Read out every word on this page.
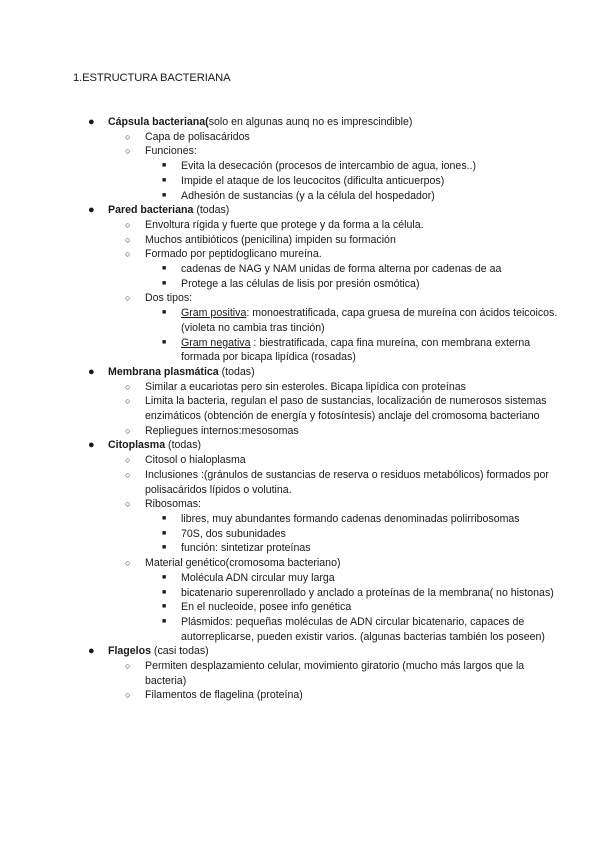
1.ESTRUCTURA BACTERIANA
● Cápsula bacteriana(solo en algunas aunq no es imprescindible)
○ Capa de polisacáridos
○ Funciones:
■ Evita la desecación (procesos de intercambio de agua, iones..)
■ Impide el ataque de los leucocitos (dificulta anticuerpos)
■ Adhesión de sustancias (y a la célula del hospedador)
● Pared bacteriana (todas)
○ Envoltura rígida y fuerte que protege y da forma a la célula.
○ Muchos antibióticos (penicilina) impiden su formación
○ Formado por peptidoglicano mureína.
■ cadenas de NAG y NAM unidas de forma alterna por cadenas de aa
■ Protege a las células de lisis por presión osmótica)
○ Dos tipos:
■ Gram positiva: monoestratificada, capa gruesa de mureína con ácidos teicoicos. (violeta no cambia tras tinción)
■ Gram negativa : biestratificada, capa fina mureína, con membrana externa formada por bicapa lipídica (rosadas)
● Membrana plasmática (todas)
○ Similar a eucariotas pero sin esteroles. Bicapa lipídica con proteínas
○ Limita la bacteria, regulan el paso de sustancias, localización de numerosos sistemas enzimáticos (obtención de energía y fotosíntesis) anclaje del cromosoma bacteriano
○ Repliegues internos:mesosomas
● Citoplasma (todas)
○ Citosol o hialoplasma
○ Inclusiones :(gránulos de sustancias de reserva o residuos metabólicos) formados por polisacáridos lípidos o volutina.
○ Ribosomas:
■ libres, muy abundantes formando cadenas denominadas polirribosomas
■ 70S, dos subunidades
■ función: sintetizar proteínas
○ Material genético(cromosoma bacteriano)
■ Molécula ADN circular muy larga
■ bicatenario superenrollado y anclado a proteínas de la membrana( no histonas)
■ En el nucleoide, posee info genética
■ Plásmidos: pequeñas moléculas de ADN circular bicatenario, capaces de autorreplicarse, pueden existir varios. (algunas bacterias también los poseen)
● Flagelos (casi todas)
○ Permiten desplazamiento celular, movimiento giratorio (mucho más largos que la bacteria)
○ Filamentos de flagelina (proteína)
